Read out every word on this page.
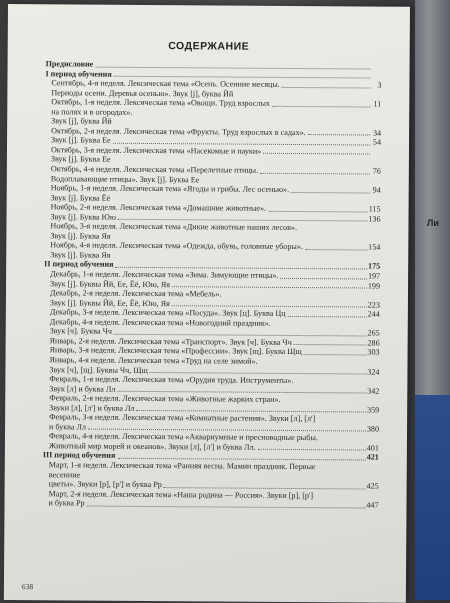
Ли
СОДЕРЖАНИЕ
Предисловие
I период обучения
Сентябрь, 4-я неделя. Лексическая тема «Осень. Осенние месяцы.	3
Периоды осени. Деревья осенью». Звук [j], буква Йй
Октябрь, 1-я неделя. Лексическая тема «Овощи. Труд взрослых	11
на полях и в огородах».
Звук [j], буква Йй
Октябрь, 2-я неделя. Лексическая тема «Фрукты. Труд взрослых в садах».	34
Звук [j]. Буква Ее	54
Октябрь, 3-я неделя. Лексическая тема «Насекомые и пауки»
Звук [j]. Буква Ее
Октябрь, 4-я неделя. Лексическая тема «Перелетные птицы.	76
Водоплавающие птицы». Звук [j]. Буква Ее
Ноябрь, 1-я неделя. Лексическая тема «Ягоды и грибы. Лес осенью».	94
Звук [j]. Буква Ёё
Ноябрь, 2-я неделя. Лексическая тема «Домашние животные».	115
Звук [j]. Буква Юю	136
Ноябрь, 3-я неделя. Лексическая тема «Дикие животные наших лесов».
Звук [j]. Буква Яя
Ноябрь, 4-я неделя. Лексическая тема «Одежда, обувь, головные уборы».	154
Звук [j]. Буква Яя
II период обучения	175
Декабрь, 1-я неделя. Лексическая тема «Зима. Зимующие птицы».	197
Звук [j]. Буквы Йй, Ее, Ёё, Юю, Яя	199
Декабрь, 2-я неделя. Лексическая тема «Мебель».
Звук [j]. Буквы Йй, Ее, Ёё, Юю, Яя	223
Декабрь, 3-я неделя. Лексическая тема «Посуда». Звук [ц]. Буква Цц	244
Декабрь, 4-я неделя. Лексическая тема «Новогодний праздник».
Звук [ч]. Буква Чч	265
Январь, 2-я неделя. Лексическая тема «Транспорт». Звук [ч]. Буква Чч	286
Январь, 3-я неделя. Лексическая тема «Профессии». Звук [щ]. Буква Щщ	303
Январь, 4-я неделя. Лексическая тема «Труд на селе зимой».
Звук [ч], [щ]. Буквы Чч, Щщ	324
Февраль, 1-я неделя. Лексическая тема «Орудия труда. Инструменты».
Звук [л] и буква Лл	342
Февраль, 2-я неделя. Лексическая тема «Животные жарких стран».
Звуки [л], [л'] и буква Лл	359
Февраль, 3-я неделя. Лексическая тема «Комнатные растения». Звуки [л], [л']
и буква Лл	380
Февраль, 4-я неделя. Лексическая тема «Аквариумные и пресноводные рыбы.
Животный мир морей и океанов». Звуки [л], [л'] и буква Лл.	401
III период обучения	421
Март, 1-я неделя. Лексическая тема «Ранняя весна. Мамин праздник. Первые
весенние
цветы». Звуки [р], [р'] и буква Рр	425
Март, 2-я неделя. Лексическая тема «Наша родина — Россия». Звуки [р], [р']
и буква Рр	447
638
